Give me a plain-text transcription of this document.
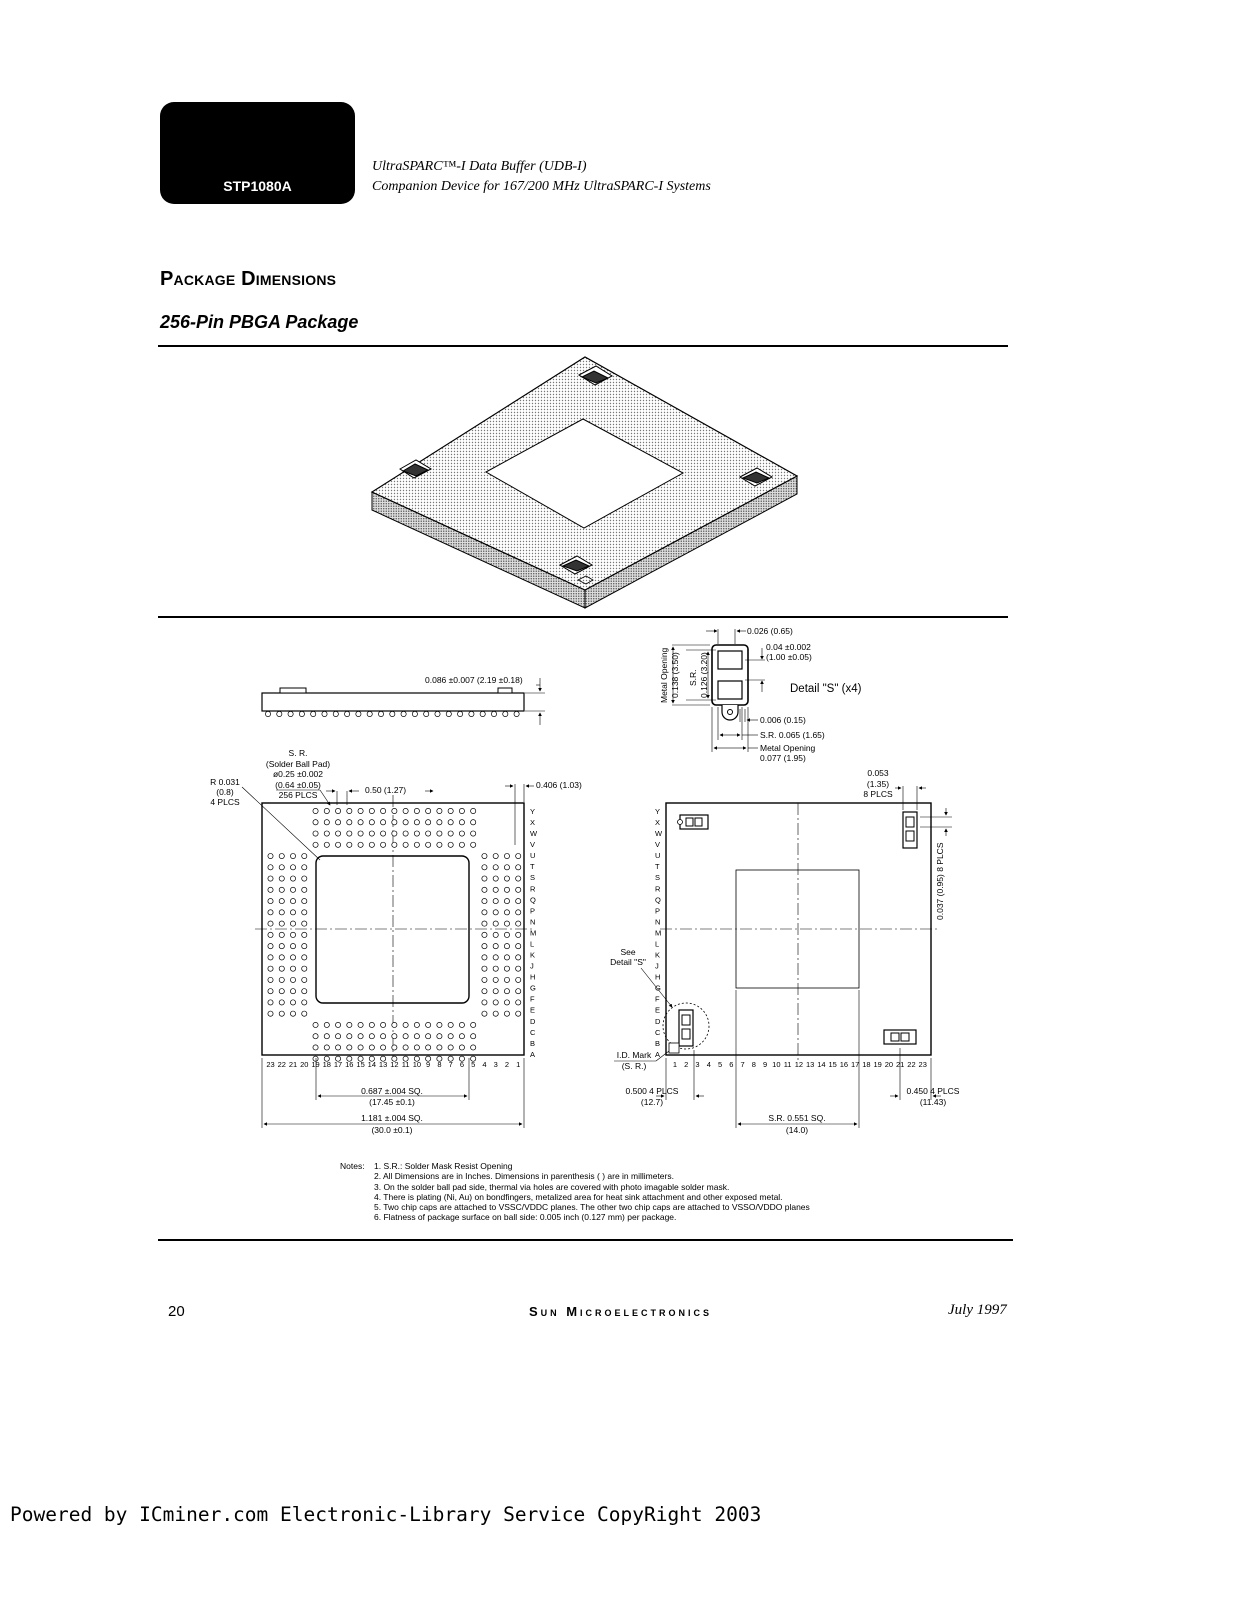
STP1080A
UltraSPARC™-I Data Buffer (UDB-I)
Companion Device for 167/200 MHz UltraSPARC-I Systems
Package Dimensions
256-Pin PBGA Package
0.086 ±0.007 (2.19 ±0.18)
0.026 (0.65)
0.04 ±0.002
(1.00 ±0.05)
Metal Opening 0.138 (3.50) S.R. 0.126 (3.20)	Detail "S" (x4)
0.006 (0.15)
S.R. 0.065 (1.65)
Metal Opening
0.077 (1.95)
Y
X
W
V
U
T
S
R
Q
P
N
M
L
K
J
H
G
F
E
D
C
B
A
23 22 21 20 19 18 17 16 15 14 13 12 11 10 9 8 7 6 5 4 3 2 1
S. R.
(Solder Ball Pad)
ø0.25 ±0.002
(0.64 ±0.05)
256 PLCS
R 0.031
(0.8)
4 PLCS
0.50 (1.27)	0.406 (1.03)
0.687 ±.004 SQ.
(17.45 ±0.1)
1.181 ±.004 SQ.
(30.0 ±0.1)
Y
X
W
V
U
T
S
R
Q
P
N
M
L
K
J
H
G
F
E
D
C
B
A
1 2 3 4 5 6 7 8 9 10 11 12 13 14 15 16 17 18 19 20 21 22 23
See
Detail "S"
I.D. Mark
(S. R.)
0.053
(1.35)
8 PLCS
0.037 (0.95) 8 PLCS
0.500 4 PLCS
(12.7)
0.450 4 PLCS
(11.43)
S.R. 0.551 SQ.
(14.0)
Notes: 1. S.R.: Solder Mask Resist Opening
2. All Dimensions are in Inches. Dimensions in parenthesis ( ) are in millimeters.
3. On the solder ball pad side, thermal via holes are covered with photo imagable solder mask.
4. There is plating (Ni, Au) on bondfingers, metalized area for heat sink attachment and other exposed metal.
5. Two chip caps are attached to VSSC/VDDC planes. The other two chip caps are attached to VSSO/VDDO planes
6. Flatness of package surface on ball side: 0.005 inch (0.127 mm) per package.
20	Sun Microelectronics	July 1997
Powered by ICminer.com Electronic-Library Service CopyRight 2003
